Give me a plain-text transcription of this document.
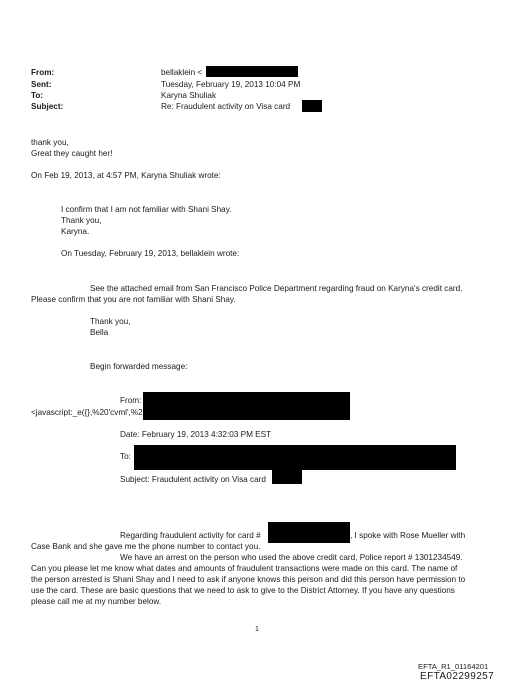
From:
Sent:
To:
Subject:
bellaklein <
Tuesday, February 19, 2013 10:04 PM
Karyna Shuliak
Re: Fraudulent activity on Visa card
thank you,
Great they caught her!
On Feb 19, 2013, at 4:57 PM, Karyna Shuliak wrote:
I confirm that I am not familiar with Shani Shay.
Thank you,
Karyna.
On Tuesday, February 19, 2013, bellaklein wrote:
See the attached email from San Francisco Police Department regarding fraud on Karyna's credit card.
Please confirm that you are not familiar with Shani Shay.
Thank you,
Bella
Begin forwarded message:
From:
<javascript:_e({},%20'cvml',%2
Date: February 19, 2013 4:32:03 PM EST
To:
Subject: Fraudulent activity on Visa card
Regarding fraudulent activity for card #	, I spoke with Rose Mueller with
Case Bank and she gave me the phone number to contact you.
We have an arrest on the person who used the above credit card, Police report # 1301234549.
Can you please let me know what dates and amounts of fraudulent transactions were made on this card. The name of
the person arrested is Shani Shay and I need to ask if anyone knows this person and did this person have permission to
use the card. These are basic questions that we need to ask to give to the District Attorney. If you have any questions
please call me at my number below.
1
EFTA_R1_01164201
EFTA02299257
